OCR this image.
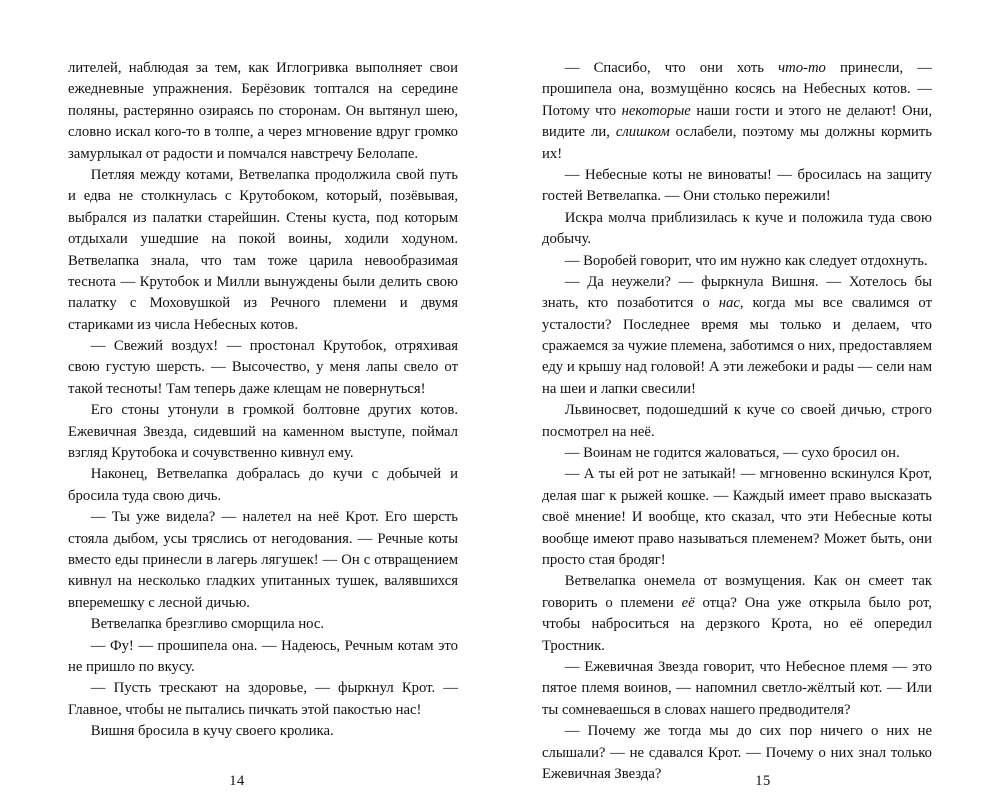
лителей, наблюдая за тем, как Иглогривка выполняет свои ежедневные упражнения. Берёзовик топтался на середине поляны, растерянно озираясь по сторонам. Он вытянул шею, словно искал кого-то в толпе, а через мгновение вдруг громко замурлыкал от радости и помчался навстречу Белолапе.

Петляя между котами, Ветвелапка продолжила свой путь и едва не столкнулась с Крутобоком, который, позёвывая, выбрался из палатки старейшин. Стены куста, под которым отдыхали ушедшие на покой воины, ходили ходуном. Ветвелапка знала, что там тоже царила невообразимая теснота — Крутобок и Милли вынуждены были делить свою палатку с Моховушкой из Речного племени и двумя стариками из числа Небесных котов.

— Свежий воздух! — простонал Крутобок, отряхивая свою густую шерсть. — Высочество, у меня лапы свело от такой тесноты! Там теперь даже клещам не повернуться!

Его стоны утонули в громкой болтовне других котов. Ежевичная Звезда, сидевший на каменном выступе, поймал взгляд Крутобока и сочувственно кивнул ему.

Наконец, Ветвелапка добралась до кучи с добычей и бросила туда свою дичь.

— Ты уже видела? — налетел на неё Крот. Его шерсть стояла дыбом, усы тряслись от негодования. — Речные коты вместо еды принесли в лагерь лягушек! — Он с отвращением кивнул на несколько гладких упитанных тушек, валявшихся вперемешку с лесной дичью.

Ветвелапка брезгливо сморщила нос.

— Фу! — прошипела она. — Надеюсь, Речным котам это не пришло по вкусу.

— Пусть трескают на здоровье, — фыркнул Крот. — Главное, чтобы не пытались пичкать этой пакостью нас!

Вишня бросила в кучу своего кролика.

14

— Спасибо, что они хоть что-то принесли, — прошипела она, возмущённо косясь на Небесных котов. — Потому что некоторые наши гости и этого не делают! Они, видите ли, слишком ослабели, поэтому мы должны кормить их!

— Небесные коты не виноваты! — бросилась на защиту гостей Ветвелапка. — Они столько пережили!

Искра молча приблизилась к куче и положила туда свою добычу.

— Воробей говорит, что им нужно как следует отдохнуть.

— Да неужели? — фыркнула Вишня. — Хотелось бы знать, кто позаботится о нас, когда мы все свалимся от усталости? Последнее время мы только и делаем, что сражаемся за чужие племена, заботимся о них, предоставляем еду и крышу над головой! А эти лежебоки и рады — сели нам на шеи и лапки свесили!

Львиносвет, подошедший к куче со своей дичью, строго посмотрел на неё.

— Воинам не годится жаловаться, — сухо бросил он.

— А ты ей рот не затыкай! — мгновенно вскинулся Крот, делая шаг к рыжей кошке. — Каждый имеет право высказать своё мнение! И вообще, кто сказал, что эти Небесные коты вообще имеют право называться племенем? Может быть, они просто стая бродяг!

Ветвелапка онемела от возмущения. Как он смеет так говорить о племени её отца? Она уже открыла было рот, чтобы наброситься на дерзкого Крота, но её опередил Тростник.

— Ежевичная Звезда говорит, что Небесное племя — это пятое племя воинов, — напомнил светло-жёлтый кот. — Или ты сомневаешься в словах нашего предводителя?

— Почему же тогда мы до сих пор ничего о них не слышали? — не сдавался Крот. — Почему о них знал только Ежевичная Звезда?	15
